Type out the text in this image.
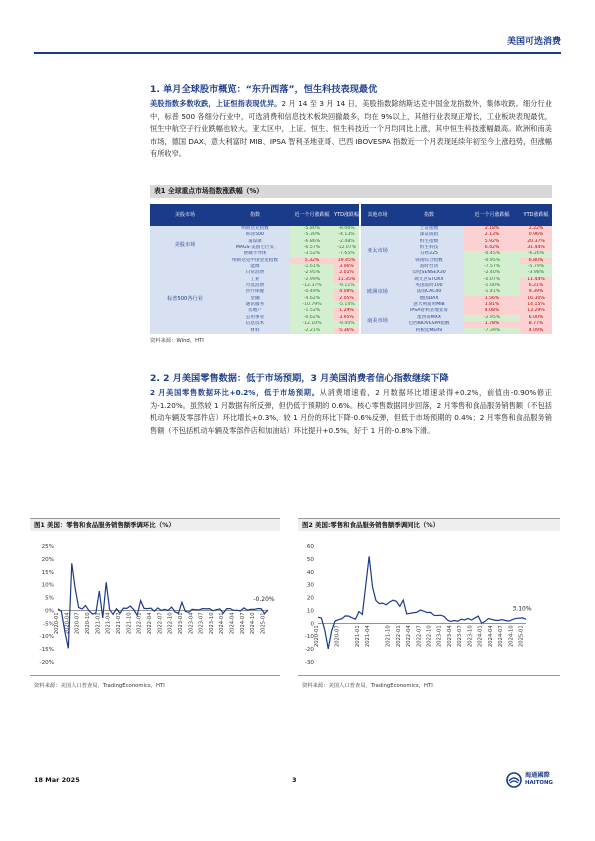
美国可选消费
1. 单月全球股市概览：“东升西落”，恒生科技表现最优
美股指数多数收跌，上证恒指表现优异。2 月 14 至 3 月 14 日，美股指数除纳斯达克中国金龙指数外，集体收跌。细分行业中，标普 500 各细分行业中，可选消费和信息技术板块回撤最多，均在 9%以上，其他行业表现正增长，工业板块表现最优，恒生中航空子行业跌幅也较大。亚太区中，上证、恒生、恒生科技近一个月均同比上涨，其中恒生科技涨幅最高。欧洲和南美市场，德国 DAX、意大利富时 MIB、IPSA 智利圣地亚哥、巴西 IBOVESPA 指数近一个月表现延续年初至今上涨趋势，但涨幅有所收窄。
表1 全球重点市场指数涨跌幅（%）
美股市场	指数	近一个月涨跌幅	YTD涨跌幅	其他市场	指数	近一个月涨跌幅	YTD涨跌幅
美股市场	纳斯达克指数	-5.80%	-8.06%	亚太市场	上证指数	2.18%	2.22%
	标普500	-5.30%	-4.13%		深证成指	2.13%	0.96%
	道琼斯	-6.86%	-2.48%		恒生指数	5.92%	20.37%
	MAGS-美国七巨头	-6.57%	-12.07%		恒生科技	6.42%	31.44%
	费城半导体	-3.52%	-7.65%		日经225	-0.45%	-6.26%
	纳斯达克中国金龙指数	5.32%	19.45%		韩国综合指数	-0.95%	6.80%
标普500各行业	能源	-1.61%	3.06%		富时台湾	-7.57%	-5.79%
	日常消费	-2.95%	2.01%		印度SENSEX30	-2.40%	-3.98%
	工业	-2.99%	11.35%	欧洲市场	欧元区STOXX	-0.07%	11.44%
	可选消费	-12.37%	-9.11%		英国富时100	-1.00%	6.21%
	医疗保健	-0.49%	4.09%		法国CAC40	-1.41%	9.39%
	金融	-4.62%	2.05%		德国DAX	1.56%	16.30%
	通讯服务	-10.79%	-5.14%		意大利富时MIB	1.81%	14.15%
	房地产	-1.52%	1.29%	南美市场	IPSA智利圣地亚哥	4.08%	13.29%
	公用事业	-0.62%	3.95%		墨西哥MXX	-2.95%	6.00%
	信息技术	-12.10%	-9.40%		巴西IBOVESPA指数	1.78%	8.77%
	材料	-2.21%	5.36%		阿根廷MERV	-7.39%	4.09%
资料来源：Wind，HTI
2. 2 月美国零售数据：低于市场预期，3 月美国消费者信心指数继续下降
2 月美国零售数据环比+0.2%，低于市场预期。从消费增速看，2 月数据环比增速录得+0.2%，前值由-0.90%修正为-1.20%。虽然较 1 月数据有所反弹，但仍低于预期的 0.6%。核心零售数据同步回落，2 月零售和食品服务销售额（不包括机动车辆及零部件店）环比增长+0.3%，较 1 月份的环比下降-0.6%反弹，但低于市场预期的 0.4%；2 月零售和食品服务销售额（不包括机动车辆及零部件店和加油站）环比提升+0.5%，好于 1 月的-0.8%下滑。
图1 美国：零售和食品服务销售额季调环比（%）	图2 美国:零售和食品服务销售额季调同比（%）
25%
20%
15%
10%
5%
0%
-5%
-10%
-15%
-20%
2020-01 2020-04 2020-07 2020-10 2021-01 2021-04 2021-07 2021-10 2022-01 2022-04 2022-07 2022-10 2023-01 2023-04 2023-07 2023-10 2024-01 2024-04 2024-07 2024-10 2025-01
-0.20%
60
50
40
30
20
10
0
-10
-20
-30
2020-01	2020-07	2021-01 2021-04	2021-10 2022-01 2022-04 2022-07 2022-10 2023-01 2023-04 2023-07 2023-10 2024-01 2024-04 2024-07 2024-10 2025-01
3.10%
资料来源：美国人口普查局，TradingEconomics，HTI	资料来源：美国人口普查局，TradingEconomics，HTI
18 Mar 2025	3
海通國際
HAITONG
